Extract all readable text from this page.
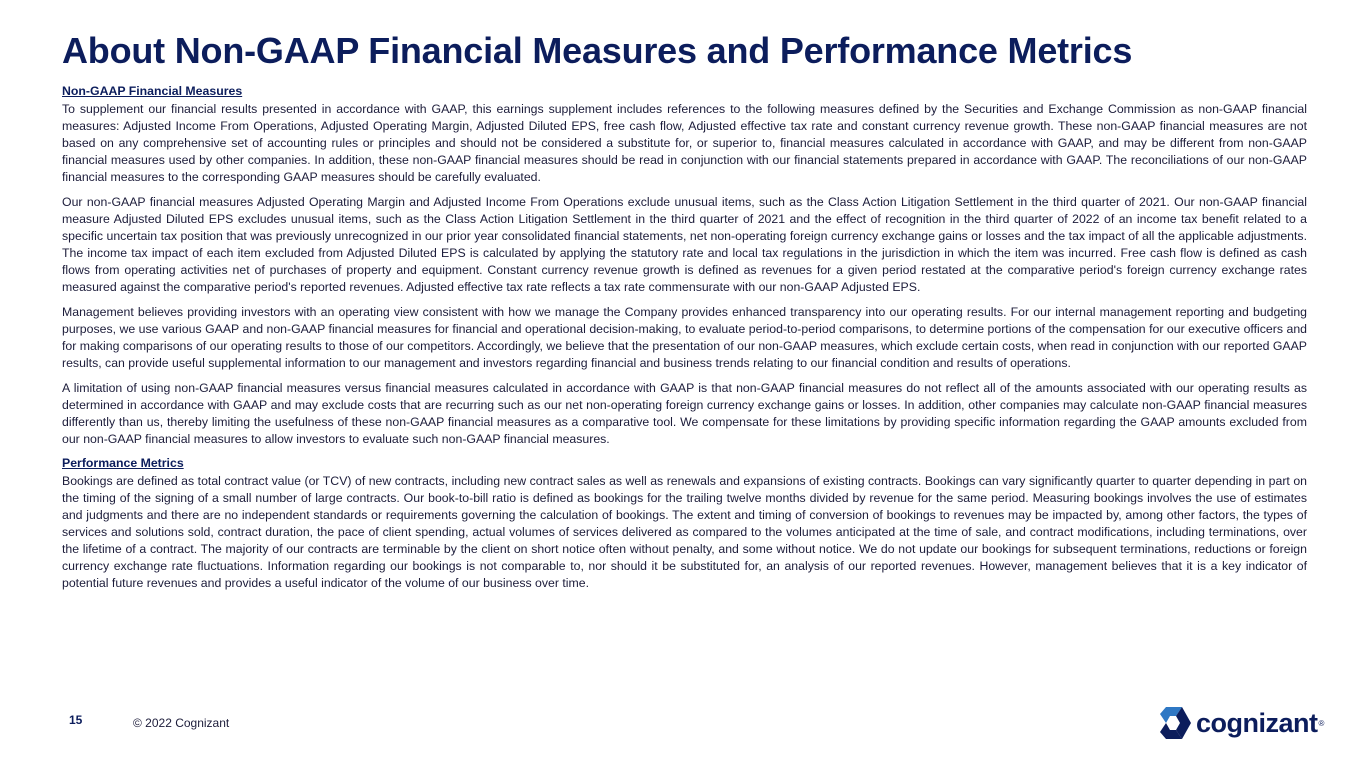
About Non-GAAP Financial Measures and Performance Metrics
Non-GAAP Financial Measures

To supplement our financial results presented in accordance with GAAP, this earnings supplement includes references to the following measures defined by the Securities and Exchange Commission as non-GAAP financial measures: Adjusted Income From Operations, Adjusted Operating Margin, Adjusted Diluted EPS, free cash flow, Adjusted effective tax rate and constant currency revenue growth. These non-GAAP financial measures are not based on any comprehensive set of accounting rules or principles and should not be considered a substitute for, or superior to, financial measures calculated in accordance with GAAP, and may be different from non-GAAP financial measures used by other companies. In addition, these non-GAAP financial measures should be read in conjunction with our financial statements prepared in accordance with GAAP. The reconciliations of our non-GAAP financial measures to the corresponding GAAP measures should be carefully evaluated.

Our non-GAAP financial measures Adjusted Operating Margin and Adjusted Income From Operations exclude unusual items, such as the Class Action Litigation Settlement in the third quarter of 2021. Our non-GAAP financial measure Adjusted Diluted EPS excludes unusual items, such as the Class Action Litigation Settlement in the third quarter of 2021 and the effect of recognition in the third quarter of 2022 of an income tax benefit related to a specific uncertain tax position that was previously unrecognized in our prior year consolidated financial statements, net non-operating foreign currency exchange gains or losses and the tax impact of all the applicable adjustments. The income tax impact of each item excluded from Adjusted Diluted EPS is calculated by applying the statutory rate and local tax regulations in the jurisdiction in which the item was incurred. Free cash flow is defined as cash flows from operating activities net of purchases of property and equipment. Constant currency revenue growth is defined as revenues for a given period restated at the comparative period's foreign currency exchange rates measured against the comparative period's reported revenues. Adjusted effective tax rate reflects a tax rate commensurate with our non-GAAP Adjusted EPS.

Management believes providing investors with an operating view consistent with how we manage the Company provides enhanced transparency into our operating results. For our internal management reporting and budgeting purposes, we use various GAAP and non-GAAP financial measures for financial and operational decision-making, to evaluate period-to-period comparisons, to determine portions of the compensation for our executive officers and for making comparisons of our operating results to those of our competitors. Accordingly, we believe that the presentation of our non-GAAP measures, which exclude certain costs, when read in conjunction with our reported GAAP results, can provide useful supplemental information to our management and investors regarding financial and business trends relating to our financial condition and results of operations.

A limitation of using non-GAAP financial measures versus financial measures calculated in accordance with GAAP is that non-GAAP financial measures do not reflect all of the amounts associated with our operating results as determined in accordance with GAAP and may exclude costs that are recurring such as our net non-operating foreign currency exchange gains or losses. In addition, other companies may calculate non-GAAP financial measures differently than us, thereby limiting the usefulness of these non-GAAP financial measures as a comparative tool. We compensate for these limitations by providing specific information regarding the GAAP amounts excluded from our non-GAAP financial measures to allow investors to evaluate such non-GAAP financial measures.

Performance Metrics

Bookings are defined as total contract value (or TCV) of new contracts, including new contract sales as well as renewals and expansions of existing contracts. Bookings can vary significantly quarter to quarter depending in part on the timing of the signing of a small number of large contracts. Our book-to-bill ratio is defined as bookings for the trailing twelve months divided by revenue for the same period. Measuring bookings involves the use of estimates and judgments and there are no independent standards or requirements governing the calculation of bookings. The extent and timing of conversion of bookings to revenues may be impacted by, among other factors, the types of services and solutions sold, contract duration, the pace of client spending, actual volumes of services delivered as compared to the volumes anticipated at the time of sale, and contract modifications, including terminations, over the lifetime of a contract. The majority of our contracts are terminable by the client on short notice often without penalty, and some without notice. We do not update our bookings for subsequent terminations, reductions or foreign currency exchange rate fluctuations. Information regarding our bookings is not comparable to, nor should it be substituted for, an analysis of our reported revenues. However, management believes that it is a key indicator of potential future revenues and provides a useful indicator of the volume of our business over time.

15	© 2022 Cognizant	cognizant ®
